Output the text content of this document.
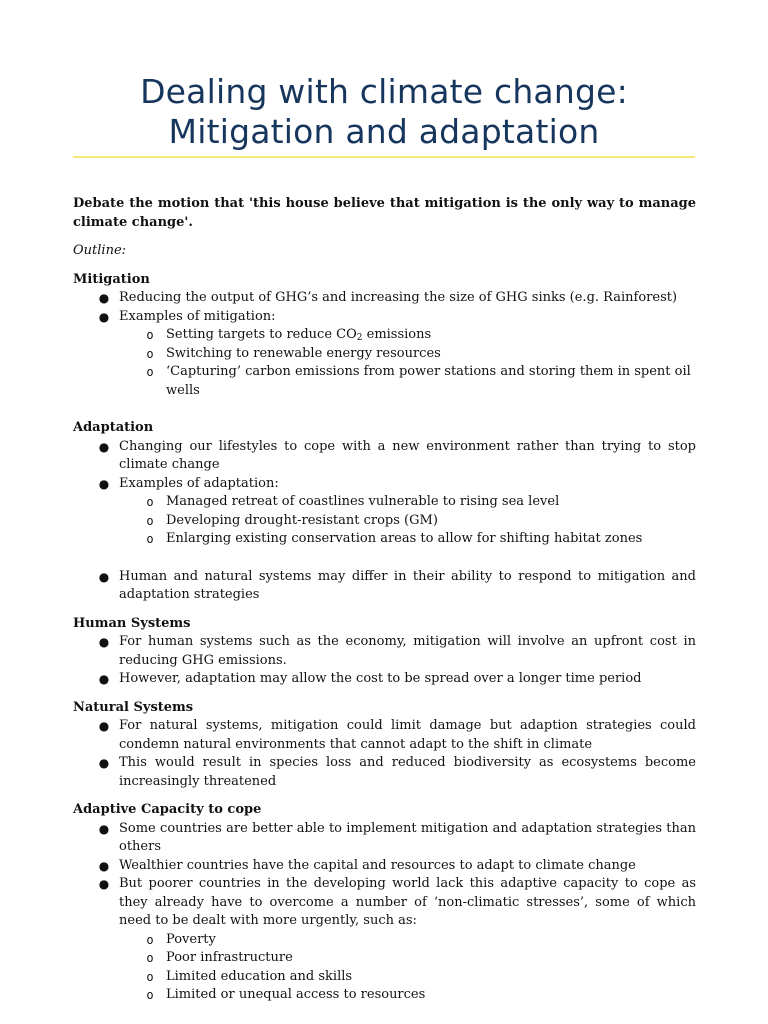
Dealing with climate change:
Mitigation and adaptation

Debate the motion that 'this house believe that mitigation is the only way to manage climate change'.

Outline:

Mitigation

● Reducing the output of GHG’s and increasing the size of GHG sinks (e.g. Rainforest)
● Examples of mitigation:
o Setting targets to reduce $CO_2$ emissions
o Switching to renewable energy resources
o ‘Capturing’ carbon emissions from power stations and storing them in spent oil wells

Adaptation

● Changing our lifestyles to cope with a new environment rather than trying to stop climate change
● Examples of adaptation:
o Managed retreat of coastlines vulnerable to rising sea level
o Developing drought-resistant crops (GM)
o Enlarging existing conservation areas to allow for shifting habitat zones
● Human and natural systems may differ in their ability to respond to mitigation and adaptation strategies

Human Systems

● For human systems such as the economy, mitigation will involve an upfront cost in reducing GHG emissions.
● However, adaptation may allow the cost to be spread over a longer time period

Natural Systems

● For natural systems, mitigation could limit damage but adaption strategies could condemn natural environments that cannot adapt to the shift in climate
● This would result in species loss and reduced biodiversity as ecosystems become increasingly threatened

Adaptive Capacity to cope

● Some countries are better able to implement mitigation and adaptation strategies than others
● Wealthier countries have the capital and resources to adapt to climate change
● But poorer countries in the developing world lack this adaptive capacity to cope as they already have to overcome a number of ‘non-climatic stresses’, some of which need to be dealt with more urgently, such as:
o Poverty
o Poor infrastructure
o Limited education and skills
o Limited or unequal access to resources
